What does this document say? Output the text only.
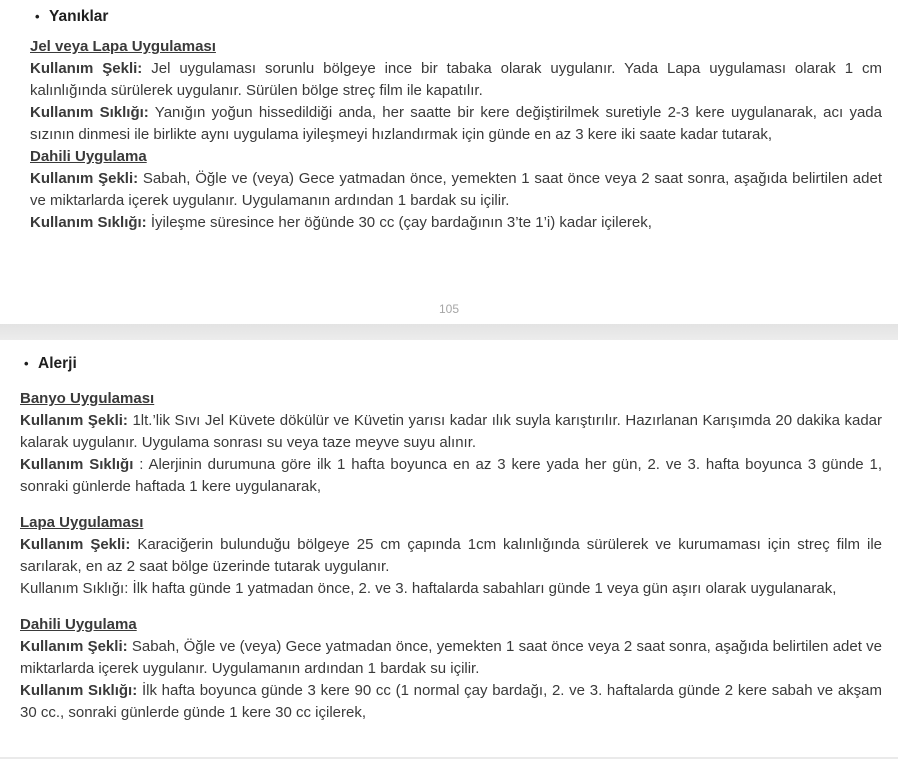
• Yanıklar
Jel veya Lapa Uygulaması

Kullanım Şekli: Jel uygulaması sorunlu bölgeye ince bir tabaka olarak uygulanır. Yada Lapa uygulaması olarak 1 cm kalınlığında sürülerek uygulanır. Sürülen bölge streç film ile kapatılır.

Kullanım Sıklığı: Yanığın yoğun hissedildiği anda, her saatte bir kere değiştirilmek suretiyle 2-3 kere uygulanarak, acı yada sızının dinmesi ile birlikte aynı uygulama iyileşmeyi hızlandırmak için günde en az 3 kere iki saate kadar tutarak,

Dahili Uygulama

Kullanım Şekli: Sabah, Öğle ve (veya) Gece yatmadan önce, yemekten 1 saat önce veya 2 saat sonra, aşağıda belirtilen adet ve miktarlarda içerek uygulanır. Uygulamanın ardından 1 bardak su içilir.

Kullanım Sıklığı: İyileşme süresince her öğünde 30 cc (çay bardağının 3’te 1’i) kadar içilerek,

105
• Alerji
Banyo Uygulaması

Kullanım Şekli: 1lt.’lik Sıvı Jel Küvete dökülür ve Küvetin yarısı kadar ılık suyla karıştırılır. Hazırlanan Karışımda 20 dakika kadar kalarak uygulanır. Uygulama sonrası su veya taze meyve suyu alınır.

Kullanım Sıklığı : Alerjinin durumuna göre ilk 1 hafta boyunca en az 3 kere yada her gün, 2. ve 3. hafta boyunca 3 günde 1, sonraki günlerde haftada 1 kere uygulanarak,

Lapa Uygulaması

Kullanım Şekli: Karaciğerin bulunduğu bölgeye 25 cm çapında 1cm kalınlığında sürülerek ve kurumaması için streç film ile sarılarak, en az 2 saat bölge üzerinde tutarak uygulanır.

Kullanım Sıklığı: İlk hafta günde 1 yatmadan önce, 2. ve 3. haftalarda sabahları günde 1 veya gün aşırı olarak uygulanarak,

Dahili Uygulama

Kullanım Şekli: Sabah, Öğle ve (veya) Gece yatmadan önce, yemekten 1 saat önce veya 2 saat sonra, aşağıda belirtilen adet ve miktarlarda içerek uygulanır. Uygulamanın ardından 1 bardak su içilir.

Kullanım Sıklığı: İlk hafta boyunca günde 3 kere 90 cc (1 normal çay bardağı, 2. ve 3. haftalarda günde 2 kere sabah ve akşam 30 cc., sonraki günlerde günde 1 kere 30 cc içilerek,
